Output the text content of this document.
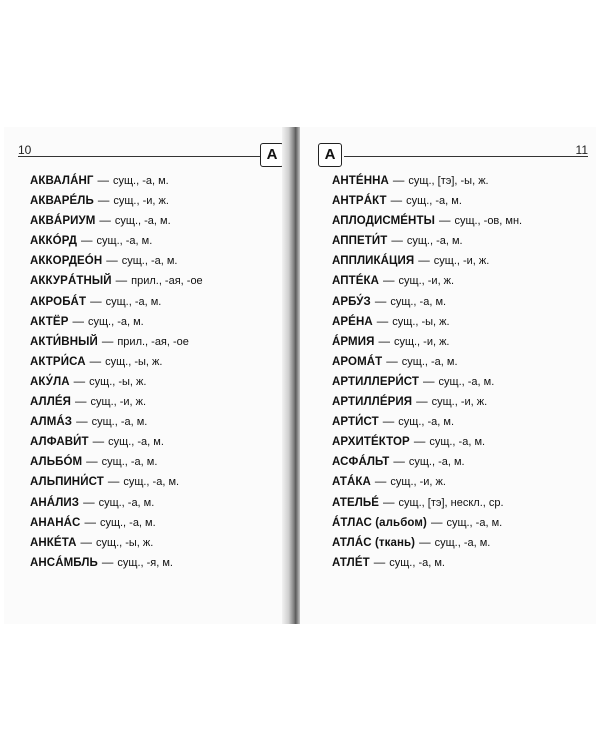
10	А
АКВАЛÁНГ — сущ., -а, м.
АКВАРÉЛЬ — сущ., -и, ж.
АКВÁРИУМ — сущ., -а, м.
АККÓРД — сущ., -а, м.
АККОРДЕÓН — сущ., -а, м.
АККУРÁТНЫЙ — прил., -ая, -ое
АКРОБÁТ — сущ., -а, м.
АКТЁР — сущ., -а, м.
АКТИ́ВНЫЙ — прил., -ая, -ое
АКТРИ́СА — сущ., -ы, ж.
АКУ́ЛА — сущ., -ы, ж.
АЛЛÉЯ — сущ., -и, ж.
АЛМÁЗ — сущ., -а, м.
АЛФАВИ́Т — сущ., -а, м.
АЛЬБÓМ — сущ., -а, м.
АЛЬПИНИ́СТ — сущ., -а, м.
АНÁЛИЗ — сущ., -а, м.
АНАНÁС — сущ., -а, м.
АНКÉТА — сущ., -ы, ж.
АНСÁМБЛЬ — сущ., -я, м.
11
А
АНТÉННА — сущ., [тэ], -ы, ж.
АНТРÁКТ — сущ., -а, м.
АПЛОДИСМÉНТЫ — сущ., -ов, мн.
АППЕТИ́Т — сущ., -а, м.
АППЛИКÁЦИЯ — сущ., -и, ж.
АПТÉКА — сущ., -и, ж.
АРБУ́З — сущ., -а, м.
АРÉНА — сущ., -ы, ж.
ÁРМИЯ — сущ., -и, ж.
АРОМÁТ — сущ., -а, м.
АРТИЛЛЕРИ́СТ — сущ., -а, м.
АРТИЛЛÉРИЯ — сущ., -и, ж.
АРТИ́СТ — сущ., -а, м.
АРХИТÉКТОР — сущ., -а, м.
АСФÁЛЬТ — сущ., -а, м.
АТÁКА — сущ., -и, ж.
АТЕЛЬÉ — сущ., [тэ], нескл., ср.
ÁТЛАС (альбом) — сущ., -а, м.
АТЛÁС (ткань) — сущ., -а, м.
АТЛÉТ — сущ., -а, м.
